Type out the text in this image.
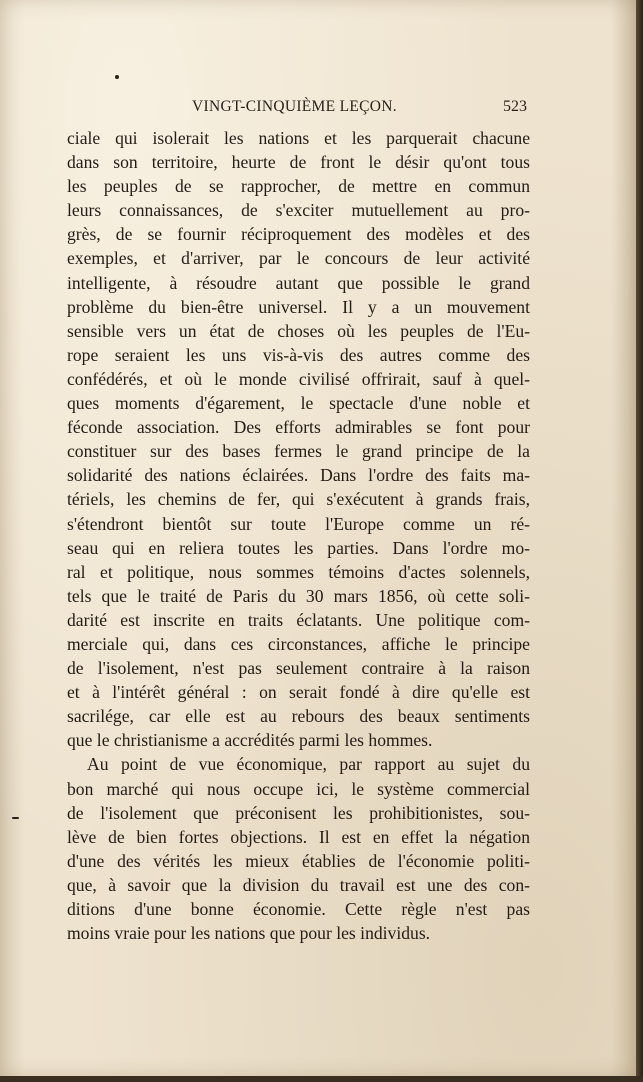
VINGT-CINQUIÈME LEÇON.	523
ciale qui isolerait les nations et les parquerait chacune
dans son territoire, heurte de front le désir qu'ont tous
les peuples de se rapprocher, de mettre en commun
leurs connaissances, de s'exciter mutuellement au pro-
grès, de se fournir réciproquement des modèles et des
exemples, et d'arriver, par le concours de leur activité
intelligente, à résoudre autant que possible le grand
problème du bien-être universel. Il y a un mouvement
sensible vers un état de choses où les peuples de l'Eu-
rope seraient les uns vis-à-vis des autres comme des
confédérés, et où le monde civilisé offrirait, sauf à quel-
ques moments d'égarement, le spectacle d'une noble et
féconde association. Des efforts admirables se font pour
constituer sur des bases fermes le grand principe de la
solidarité des nations éclairées. Dans l'ordre des faits ma-
tériels, les chemins de fer, qui s'exécutent à grands frais,
s'étendront bientôt sur toute l'Europe comme un ré-
seau qui en reliera toutes les parties. Dans l'ordre mo-
ral et politique, nous sommes témoins d'actes solennels,
tels que le traité de Paris du 30 mars 1856, où cette soli-
darité est inscrite en traits éclatants. Une politique com-
merciale qui, dans ces circonstances, affiche le principe
de l'isolement, n'est pas seulement contraire à la raison
et à l'intérêt général : on serait fondé à dire qu'elle est
sacrilége, car elle est au rebours des beaux sentiments
que le christianisme a accrédités parmi les hommes.
Au point de vue économique, par rapport au sujet du
bon marché qui nous occupe ici, le système commercial
de l'isolement que préconisent les prohibitionistes, sou-
lève de bien fortes objections. Il est en effet la négation
d'une des vérités les mieux établies de l'économie politi-
que, à savoir que la division du travail est une des con-
ditions d'une bonne économie. Cette règle n'est pas
moins vraie pour les nations que pour les individus.
